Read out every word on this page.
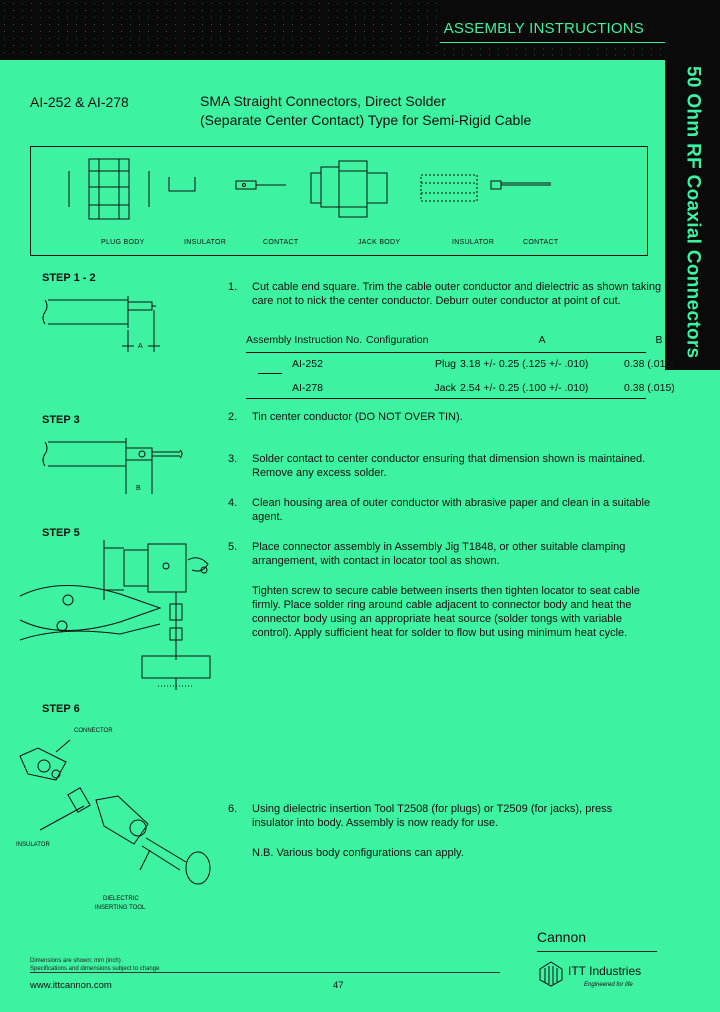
ASSEMBLY INSTRUCTIONS
50 Ohm RF Coaxial Connectors
AI-252 & AI-278	SMA Straight Connectors, Direct Solder
(Separate Center Contact) Type for Semi-Rigid Cable
PLUG BODY	INSULATOR	CONTACT	JACK BODY	INSULATOR	CONTACT
STEP 1 - 2
STEP 3
STEP 5
STEP 6
A
B
CONNECTOR
INSULATOR
DIELECTRIC
INSERTING TOOL
1.	Cut cable end square. Trim the cable outer conductor and dielectric as shown taking care not to nick the center conductor. Deburr outer conductor at point of cut.
Assembly Instruction No.	Configuration	A	B
AI-252	Plug	3.18 +/- 0.25 (.125 +/- .010)	0.38 (.015)
AI-278	Jack	2.54 +/- 0.25 (.100 +/- .010)	0.38 (.015)
2.	Tin center conductor (DO NOT OVER TIN).
3.	Solder contact to center conductor ensuring that dimension shown is maintained. Remove any excess solder.
4.	Clean housing area of outer conductor with abrasive paper and clean in a suitable agent.
5.	Place connector assembly in Assembly Jig T1848, or other suitable clamping arrangement, with contact in locator tool as shown.
Tighten screw to secure cable between inserts then tighten locator to seat cable firmly. Place solder ring around cable adjacent to connector body and heat the connector body using an appropriate heat source (solder tongs with variable control). Apply sufficient heat for solder to flow but using minimum heat cycle.
6.	Using dielectric insertion Tool T2508 (for plugs) or T2509 (for jacks), press insulator into body. Assembly is now ready for use.
N.B. Various body configurations can apply.
Dimensions are shown: mm (inch)
Specifications and dimensions subject to change
www.ittcannon.com	47
Cannon
ITT Industries
Engineered for life
